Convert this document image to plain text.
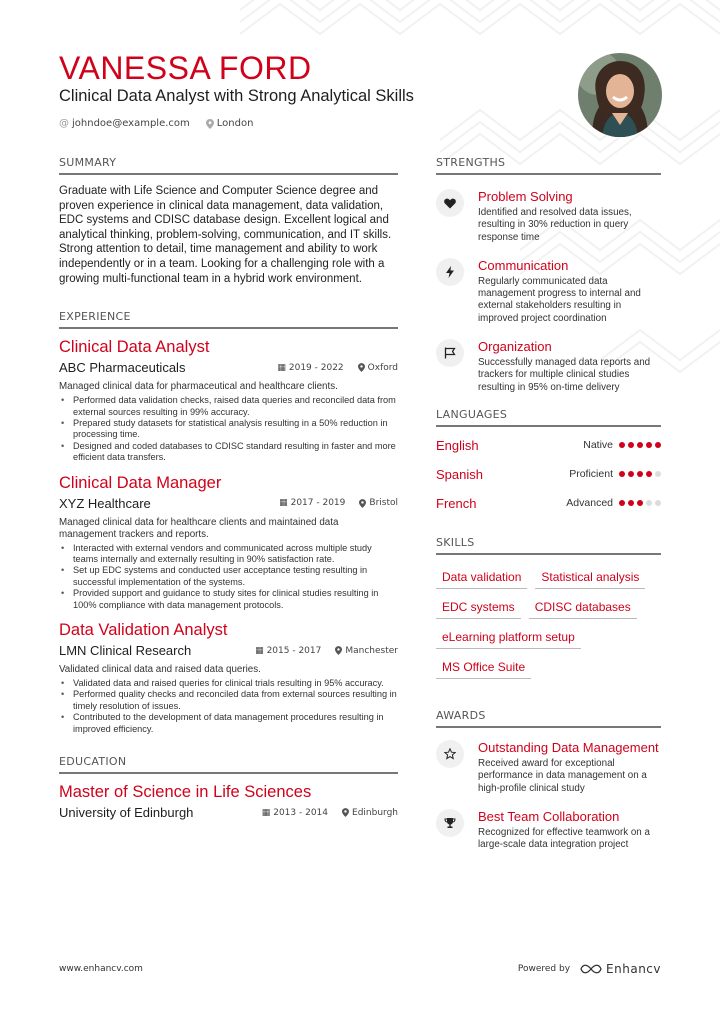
VANESSA FORD
Clinical Data Analyst with Strong Analytical Skills
@ johndoe@example.com	London
SUMMARY

Graduate with Life Science and Computer Science degree and proven experience in clinical data management, data validation, EDC systems and CDISC database design. Excellent logical and analytical thinking, problem-solving, communication, and IT skills. Strong attention to detail, time management and ability to work independently or in a team. Looking for a challenging role with a growing multi-functional team in a hybrid work environment.

EXPERIENCE
Clinical Data Analyst
ABC Pharmaceuticals	▦ 2019 - 2022	Oxford
Managed clinical data for pharmaceutical and healthcare clients.
• Performed data validation checks, raised data queries and reconciled data from external sources resulting in 99% accuracy.
• Prepared study datasets for statistical analysis resulting in a 50% reduction in processing time.
• Designed and coded databases to CDISC standard resulting in faster and more efficient data transfers.
Clinical Data Manager
XYZ Healthcare	▦ 2017 - 2019	Bristol
Managed clinical data for healthcare clients and maintained data management trackers and reports.
• Interacted with external vendors and communicated across multiple study teams internally and externally resulting in 90% satisfaction rate.
• Set up EDC systems and conducted user acceptance testing resulting in successful implementation of the systems.
• Provided support and guidance to study sites for clinical studies resulting in 100% compliance with data management protocols.
Data Validation Analyst
LMN Clinical Research	▦ 2015 - 2017	Manchester
Validated clinical data and raised data queries.
• Validated data and raised queries for clinical trials resulting in 95% accuracy.
• Performed quality checks and reconciled data from external sources resulting in timely resolution of issues.
• Contributed to the development of data management procedures resulting in improved efficiency.
EDUCATION
Master of Science in Life Sciences
University of Edinburgh	▦ 2013 - 2014	Edinburgh
STRENGTHS
Problem Solving
Identified and resolved data issues, resulting in 30% reduction in query response time
Communication
Regularly communicated data management progress to internal and external stakeholders resulting in improved project coordination
Organization
Successfully managed data reports and trackers for multiple clinical studies resulting in 95% on-time delivery
LANGUAGES
English	Native
Spanish	Proficient
French	Advanced
SKILLS
Data validation	Statistical analysis
EDC systems	CDISC databases
eLearning platform setup
MS Office Suite
AWARDS
Outstanding Data Management
Received award for exceptional performance in data management on a high-profile clinical study
Best Team Collaboration
Recognized for effective teamwork on a large-scale data integration project
www.enhancv.com	Powered by	Enhancv
